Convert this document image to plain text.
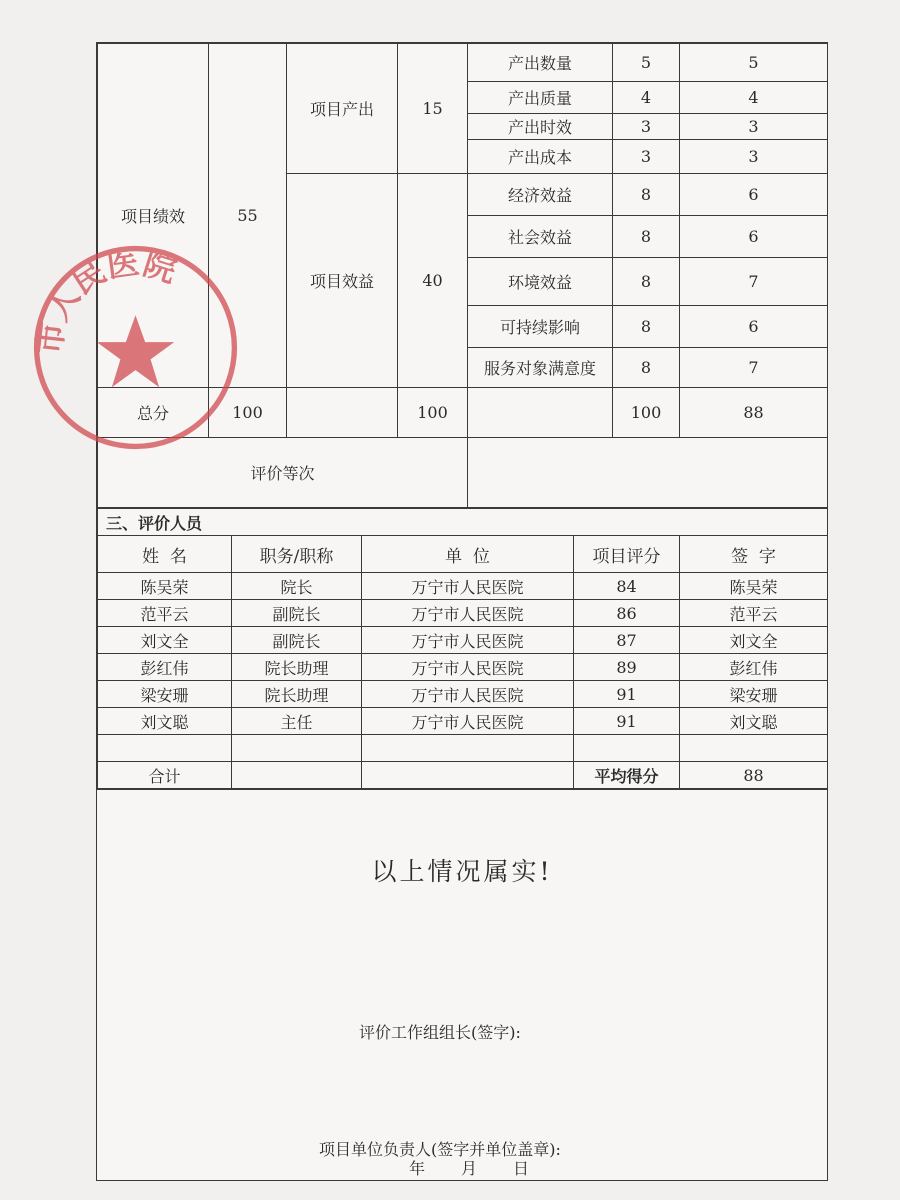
项目绩效	55	项目产出	15	产出数量	5	5
				产出质量	4	4
				产出时效	3	3
				产出成本	3	3
		项目效益	40	经济效益	8	6
				社会效益	8	6
				环境效益	8	7
				可持续影响	8	6
				服务对象满意度	8	7
总分	100		100		100	88
评价等次						
三、评价人员				
姓  名	职务/职称	单  位	项目评分	签  字
陈吴荣	院长	万宁市人民医院	84	陈吴荣
范平云	副院长	万宁市人民医院	86	范平云
刘文全	副院长	万宁市人民医院	87	刘文全
彭红伟	院长助理	万宁市人民医院	89	彭红伟
梁安珊	院长助理	万宁市人民医院	91	梁安珊
刘文聪	主任	万宁市人民医院	91	刘文聪

合计			平均得分	88
以上情况属实!
评价工作组组长(签字):
项目单位负责人(签字并单位盖章):
年 月 日
市人民医院
